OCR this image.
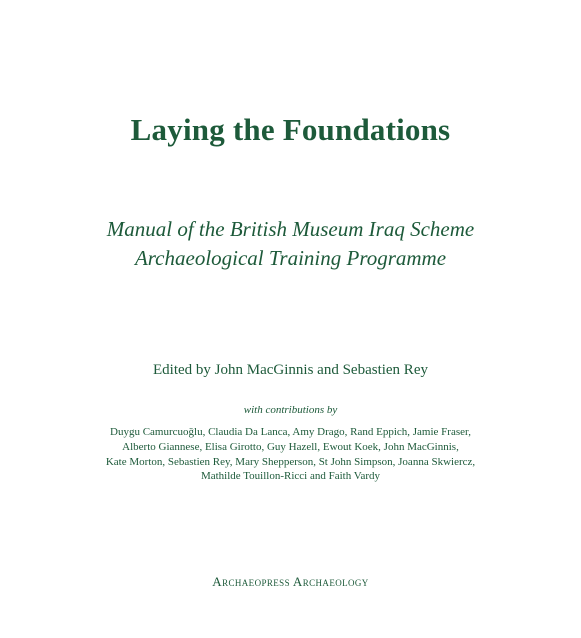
Laying the Foundations
Manual of the British Museum Iraq Scheme
Archaeological Training Programme
Edited by John MacGinnis and Sebastien Rey
with contributions by
Duygu Camurcuoğlu, Claudia Da Lanca, Amy Drago, Rand Eppich, Jamie Fraser,
Alberto Giannese, Elisa Girotto, Guy Hazell, Ewout Koek, John MacGinnis,
Kate Morton, Sebastien Rey, Mary Shepperson, St John Simpson, Joanna Skwiercz,
Mathilde Touillon-Ricci and Faith Vardy
Archaeopress Archaeology
